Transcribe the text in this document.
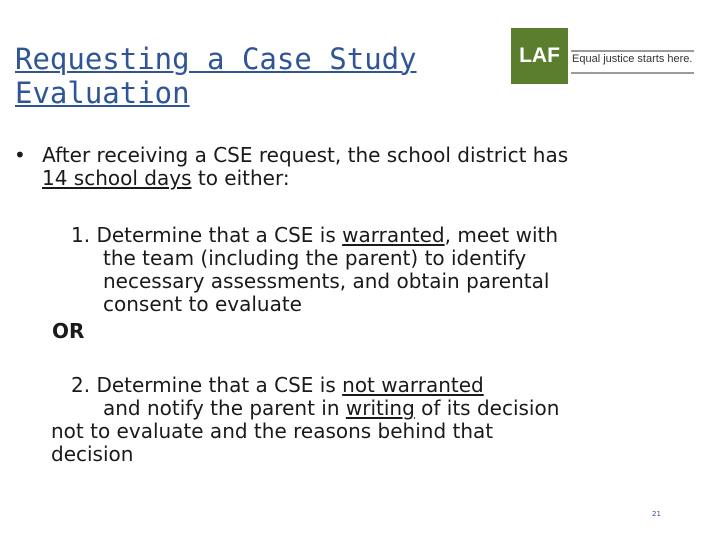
Requesting a Case Study
Evaluation
LAF	Equal justice starts here.
• After receiving a CSE request, the school district has
14 school days to either:
1. Determine that a CSE is warranted, meet with
the team (including the parent) to identify
necessary assessments, and obtain parental
consent to evaluate
OR
2. Determine that a CSE is not warranted
and notify the parent in writing of its decision
not to evaluate and the reasons behind that
decision
21
